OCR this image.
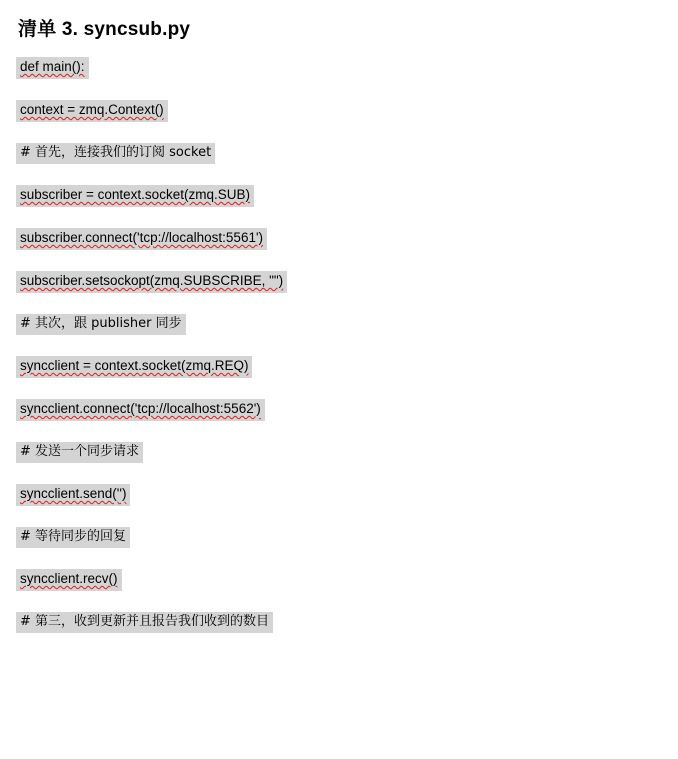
清单 3. syncsub.py
def main():
context = zmq.Context()
# 首先，连接我们的订阅 socket
subscriber = context.socket(zmq.SUB)
subscriber.connect('tcp://localhost:5561')
subscriber.setsockopt(zmq.SUBSCRIBE, "")
# 其次，跟 publisher 同步
syncclient = context.socket(zmq.REQ)
syncclient.connect('tcp://localhost:5562')
# 发送一个同步请求
syncclient.send('')
# 等待同步的回复
syncclient.recv()
# 第三，收到更新并且报告我们收到的数目
